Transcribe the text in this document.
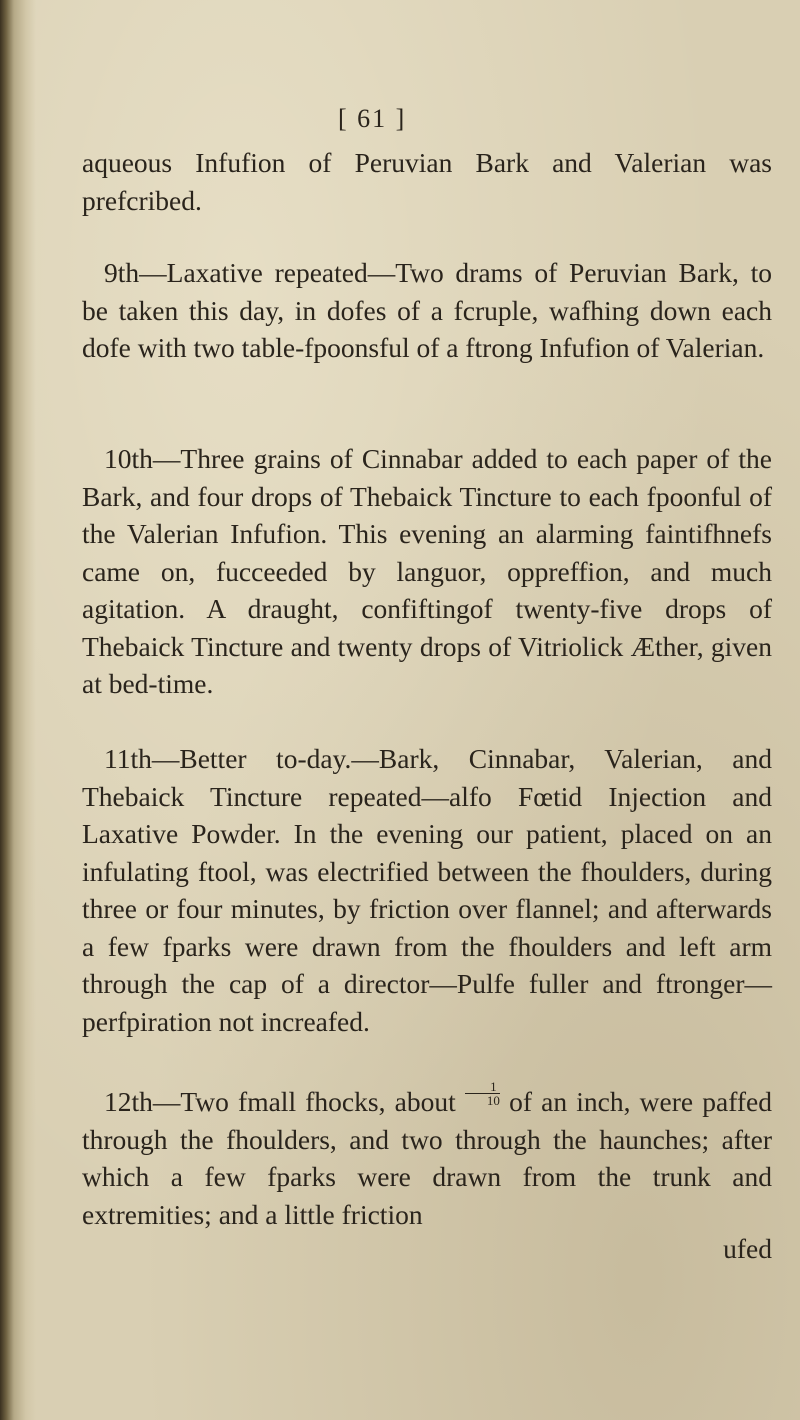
[ 61 ]

aqueous Infufion of Peruvian Bark and Valerian was prefcribed.

9th—Laxative repeated—Two drams of Peruvian Bark, to be taken this day, in dofes of a fcruple, wafhing down each dofe with two table-fpoonsful of a ftrong Infufion of Valerian.

10th—Three grains of Cinnabar added to each paper of the Bark, and four drops of Thebaick Tincture to each fpoonful of the Valerian Infufion. This evening an alarming faintifhnefs came on, fucceeded by languor, oppreffion, and much agitation. A draught, confiftingof twenty-five drops of Thebaick Tincture and twenty drops of Vitriolick Æther, given at bed-time.

11th—Better to-day.—Bark, Cinnabar, Valerian, and Thebaick Tincture repeated—alfo Fœtid Injection and Laxative Powder. In the evening our patient, placed on an infulating ftool, was electrified between the fhoulders, during three or four minutes, by friction over flannel; and afterwards a few fparks were drawn from the fhoulders and left arm through the cap of a director—Pulfe fuller and ftronger—perfpiration not increafed.

12th—Two fmall fhocks, about $\frac{1}{10}$ of an inch, were paffed through the fhoulders, and two through the haunches; after which a few fparks were drawn from the trunk and extremities; and a little friction

ufed
